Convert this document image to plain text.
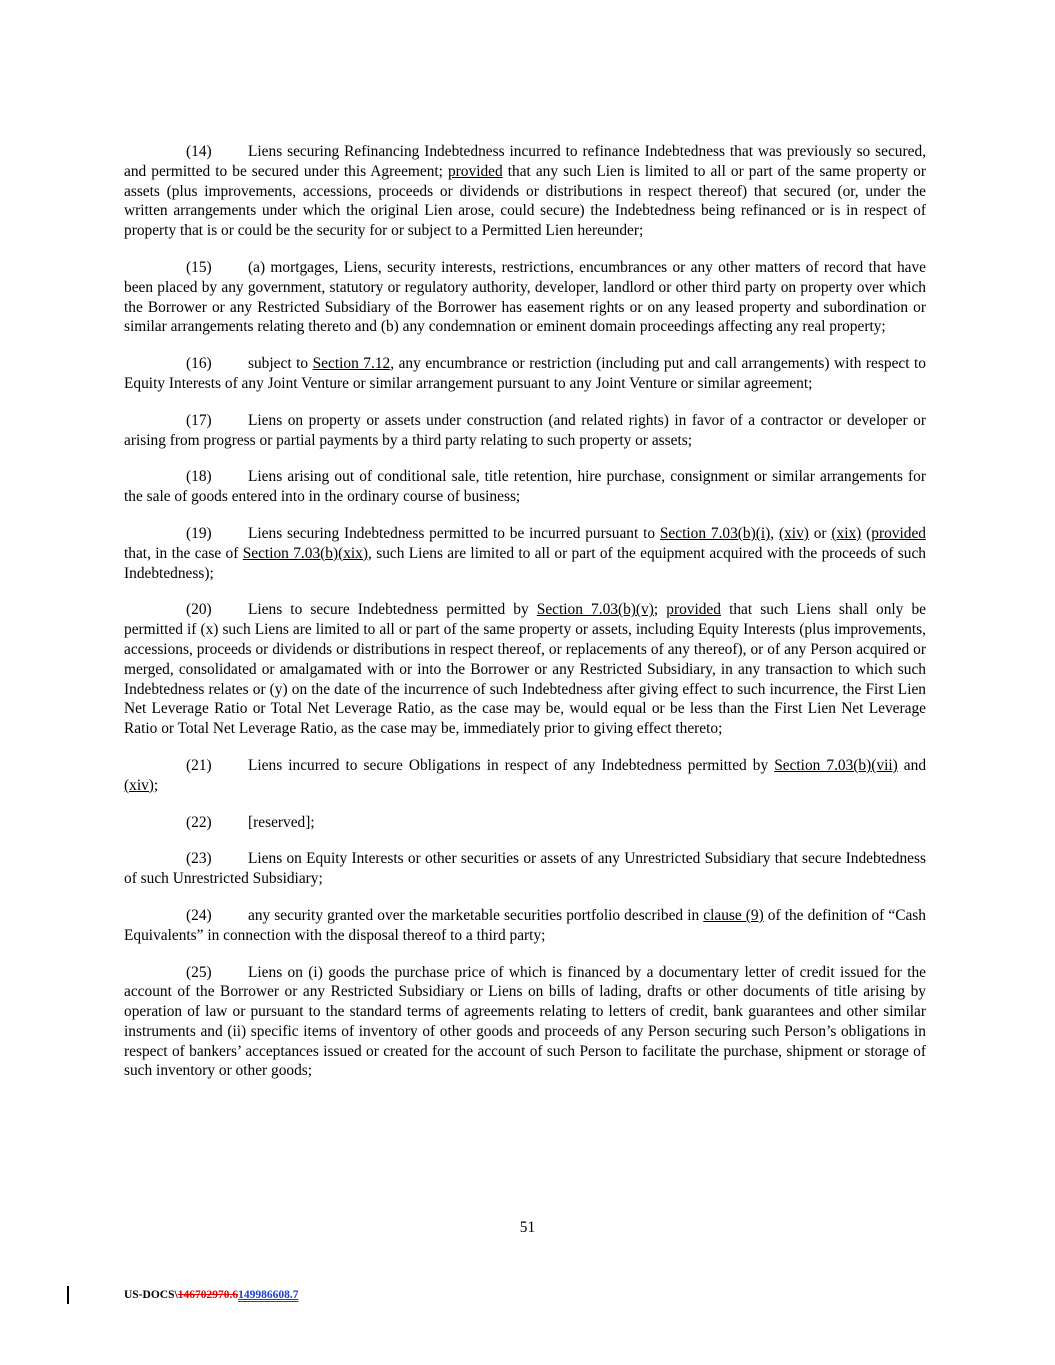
(14) Liens securing Refinancing Indebtedness incurred to refinance Indebtedness that was previously so secured, and permitted to be secured under this Agreement; provided that any such Lien is limited to all or part of the same property or assets (plus improvements, accessions, proceeds or dividends or distributions in respect thereof) that secured (or, under the written arrangements under which the original Lien arose, could secure) the Indebtedness being refinanced or is in respect of property that is or could be the security for or subject to a Permitted Lien hereunder;

(15) (a) mortgages, Liens, security interests, restrictions, encumbrances or any other matters of record that have been placed by any government, statutory or regulatory authority, developer, landlord or other third party on property over which the Borrower or any Restricted Subsidiary of the Borrower has easement rights or on any leased property and subordination or similar arrangements relating thereto and (b) any condemnation or eminent domain proceedings affecting any real property;

(16) subject to Section 7.12, any encumbrance or restriction (including put and call arrangements) with respect to Equity Interests of any Joint Venture or similar arrangement pursuant to any Joint Venture or similar agreement;

(17) Liens on property or assets under construction (and related rights) in favor of a contractor or developer or arising from progress or partial payments by a third party relating to such property or assets;

(18) Liens arising out of conditional sale, title retention, hire purchase, consignment or similar arrangements for the sale of goods entered into in the ordinary course of business;

(19) Liens securing Indebtedness permitted to be incurred pursuant to Section 7.03(b)(i), (xiv) or (xix) (provided that, in the case of Section 7.03(b)(xix), such Liens are limited to all or part of the equipment acquired with the proceeds of such Indebtedness);

(20) Liens to secure Indebtedness permitted by Section 7.03(b)(v); provided that such Liens shall only be permitted if (x) such Liens are limited to all or part of the same property or assets, including Equity Interests (plus improvements, accessions, proceeds or dividends or distributions in respect thereof, or replacements of any thereof), or of any Person acquired or merged, consolidated or amalgamated with or into the Borrower or any Restricted Subsidiary, in any transaction to which such Indebtedness relates or (y) on the date of the incurrence of such Indebtedness after giving effect to such incurrence, the First Lien Net Leverage Ratio or Total Net Leverage Ratio, as the case may be, would equal or be less than the First Lien Net Leverage Ratio or Total Net Leverage Ratio, as the case may be, immediately prior to giving effect thereto;

(21) Liens incurred to secure Obligations in respect of any Indebtedness permitted by Section 7.03(b)(vii) and (xiv);

(22) [reserved];

(23) Liens on Equity Interests or other securities or assets of any Unrestricted Subsidiary that secure Indebtedness of such Unrestricted Subsidiary;

(24) any security granted over the marketable securities portfolio described in clause (9) of the definition of “Cash Equivalents” in connection with the disposal thereof to a third party;

(25) Liens on (i) goods the purchase price of which is financed by a documentary letter of credit issued for the account of the Borrower or any Restricted Subsidiary or Liens on bills of lading, drafts or other documents of title arising by operation of law or pursuant to the standard terms of agreements relating to letters of credit, bank guarantees and other similar instruments and (ii) specific items of inventory of other goods and proceeds of any Person securing such Person’s obligations in respect of bankers’ acceptances issued or created for the account of such Person to facilitate the purchase, shipment or storage of such inventory or other goods;

51
US-DOCS\146702970.6149986608.7
